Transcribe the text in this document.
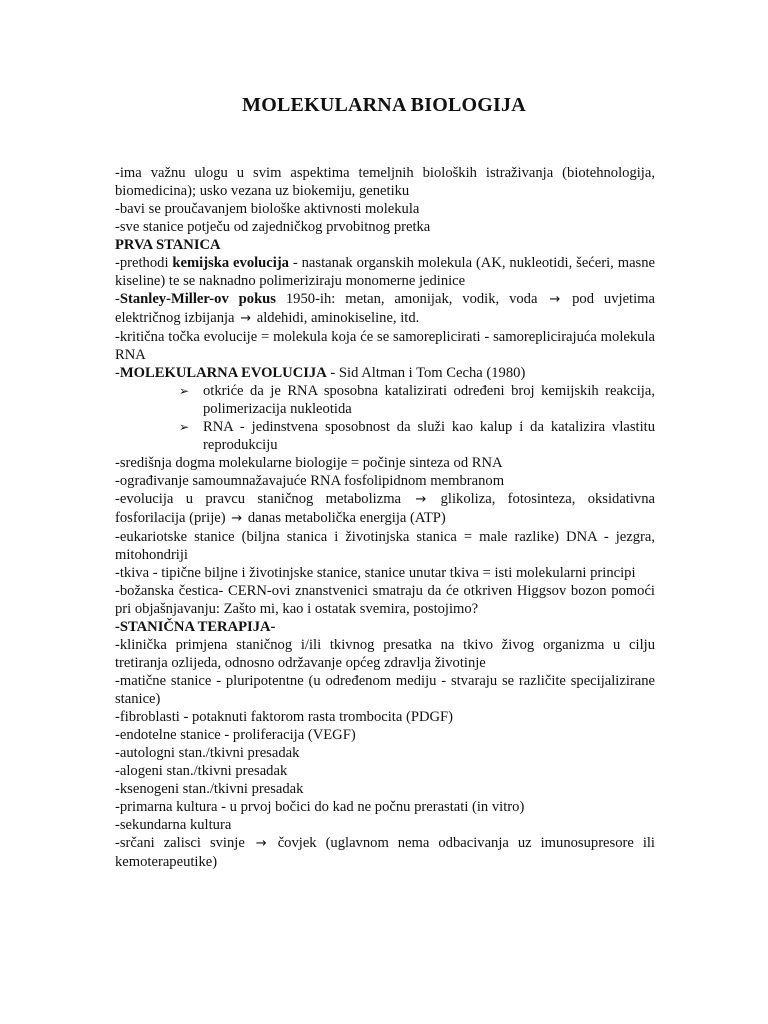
MOLEKULARNA BIOLOGIJA

-ima važnu ulogu u svim aspektima temeljnih bioloških istraživanja (biotehnologija, biomedicina); usko vezana uz biokemiju, genetiku

-bavi se proučavanjem biološke aktivnosti molekula

-sve stanice potječu od zajedničkog prvobitnog pretka

PRVA STANICA

-prethodi kemijska evolucija - nastanak organskih molekula (AK, nukleotidi, šećeri, masne kiseline) te se naknadno polimeriziraju monomerne jedinice

-Stanley-Miller-ov pokus 1950-ih: metan, amonijak, vodik, voda → pod uvjetima električnog izbijanja → aldehidi, aminokiseline, itd.

-kritična točka evolucije = molekula koja će se samoreplicirati - samoreplicirajuća molekula RNA

-MOLEKULARNA EVOLUCIJA - Sid Altman i Tom Cecha (1980)

➢ otkriće da je RNA sposobna katalizirati određeni broj kemijskih reakcija, polimerizacija nukleotida
➢ RNA - jedinstvena sposobnost da služi kao kalup i da katalizira vlastitu reprodukciju

-središnja dogma molekularne biologije = počinje sinteza od RNA

-ograđivanje samoumnažavajuće RNA fosfolipidnom membranom

-evolucija u pravcu staničnog metabolizma → glikoliza, fotosinteza, oksidativna fosforilacija (prije) → danas metabolička energija (ATP)

-eukariotske stanice (biljna stanica i životinjska stanica = male razlike) DNA - jezgra, mitohondriji

-tkiva - tipične biljne i životinjske stanice, stanice unutar tkiva = isti molekularni principi

-božanska čestica- CERN-ovi znanstvenici smatraju da će otkriven Higgsov bozon pomoći pri objašnjavanju: Zašto mi, kao i ostatak svemira, postojimo?

-STANIČNA TERAPIJA-

-klinička primjena staničnog i/ili tkivnog presatka na tkivo živog organizma u cilju tretiranja ozlijeda, odnosno održavanje općeg zdravlja životinje

-matične stanice - pluripotentne (u određenom mediju - stvaraju se različite specijalizirane stanice)

-fibroblasti - potaknuti faktorom rasta trombocita (PDGF)

-endotelne stanice - proliferacija (VEGF)

-autologni stan./tkivni presadak

-alogeni stan./tkivni presadak

-ksenogeni stan./tkivni presadak

-primarna kultura - u prvoj bočici do kad ne počnu prerastati (in vitro)

-sekundarna kultura

-srčani zalisci svinje → čovjek (uglavnom nema odbacivanja uz imunosupresore ili kemoterapeutike)
